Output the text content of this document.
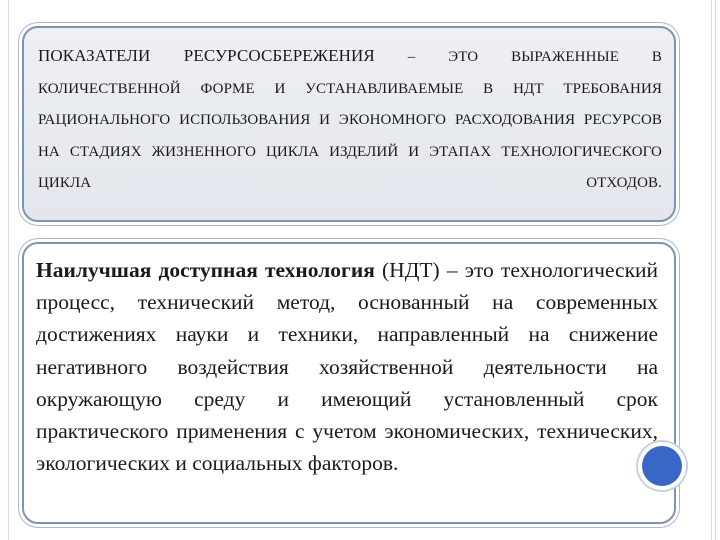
ПОКАЗАТЕЛИ РЕСУРСОСБЕРЕЖЕНИЯ – ЭТО ВЫРАЖЕННЫЕ В КОЛИЧЕСТВЕННОЙ ФОРМЕ И УСТАНАВЛИВАЕМЫЕ В НДТ ТРЕБОВАНИЯ РАЦИОНАЛЬНОГО ИСПОЛЬЗОВАНИЯ И ЭКОНОМНОГО РАСХОДОВАНИЯ РЕСУРСОВ НА СТАДИЯХ ЖИЗНЕННОГО ЦИКЛА ИЗДЕЛИЙ И ЭТАПАХ ТЕХНОЛОГИЧЕСКОГО ЦИКЛА ОТХОДОВ.
Наилучшая доступная технология (НДТ) – это технологический процесс, технический метод, основанный на современных достижениях науки и техники, направленный на снижение негативного воздействия хозяйственной деятельности на окружающую среду и имеющий установленный срок практического применения с учетом экономических, технических, экологических и социальных факторов.
